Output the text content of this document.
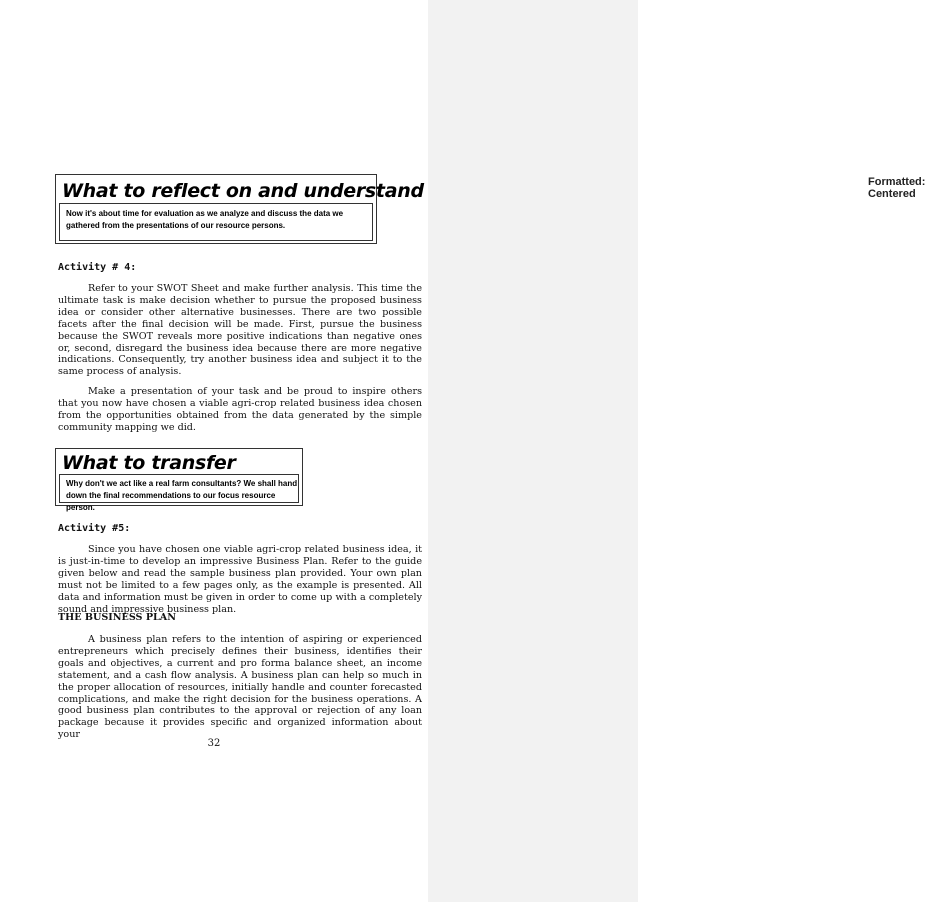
Formatted: Centered
What to reflect on and understand
Now it's about time for evaluation as we analyze and discuss the data we gathered from the presentations of our resource persons.
Activity # 4:

Refer to your SWOT Sheet and make further analysis. This time the ultimate task is make decision whether to pursue the proposed business idea or consider other alternative businesses. There are two possible facets after the final decision will be made. First, pursue the business because the SWOT reveals more positive indications than negative ones or, second, disregard the business idea because there are more negative indications. Consequently, try another business idea and subject it to the same process of analysis.

Make a presentation of your task and be proud to inspire others that you now have chosen a viable agri-crop related business idea chosen from the opportunities obtained from the data generated by the simple community mapping we did.

What to transfer
Why don't we act like a real farm consultants? We shall hand down the final recommendations to our focus resource person.
Activity #5:

Since you have chosen one viable agri-crop related business idea, it is just-in-time to develop an impressive Business Plan. Refer to the guide given below and read the sample business plan provided. Your own plan must not be limited to a few pages only, as the example is presented. All data and information must be given in order to come up with a completely sound and impressive business plan.

THE BUSINESS PLAN

A business plan refers to the intention of aspiring or experienced entrepreneurs which precisely defines their business, identifies their goals and objectives, a current and pro forma balance sheet, an income statement, and a cash flow analysis. A business plan can help so much in the proper allocation of resources, initially handle and counter forecasted complications, and make the right decision for the business operations. A good business plan contributes to the approval or rejection of any loan package because it provides specific and organized information about your

32
